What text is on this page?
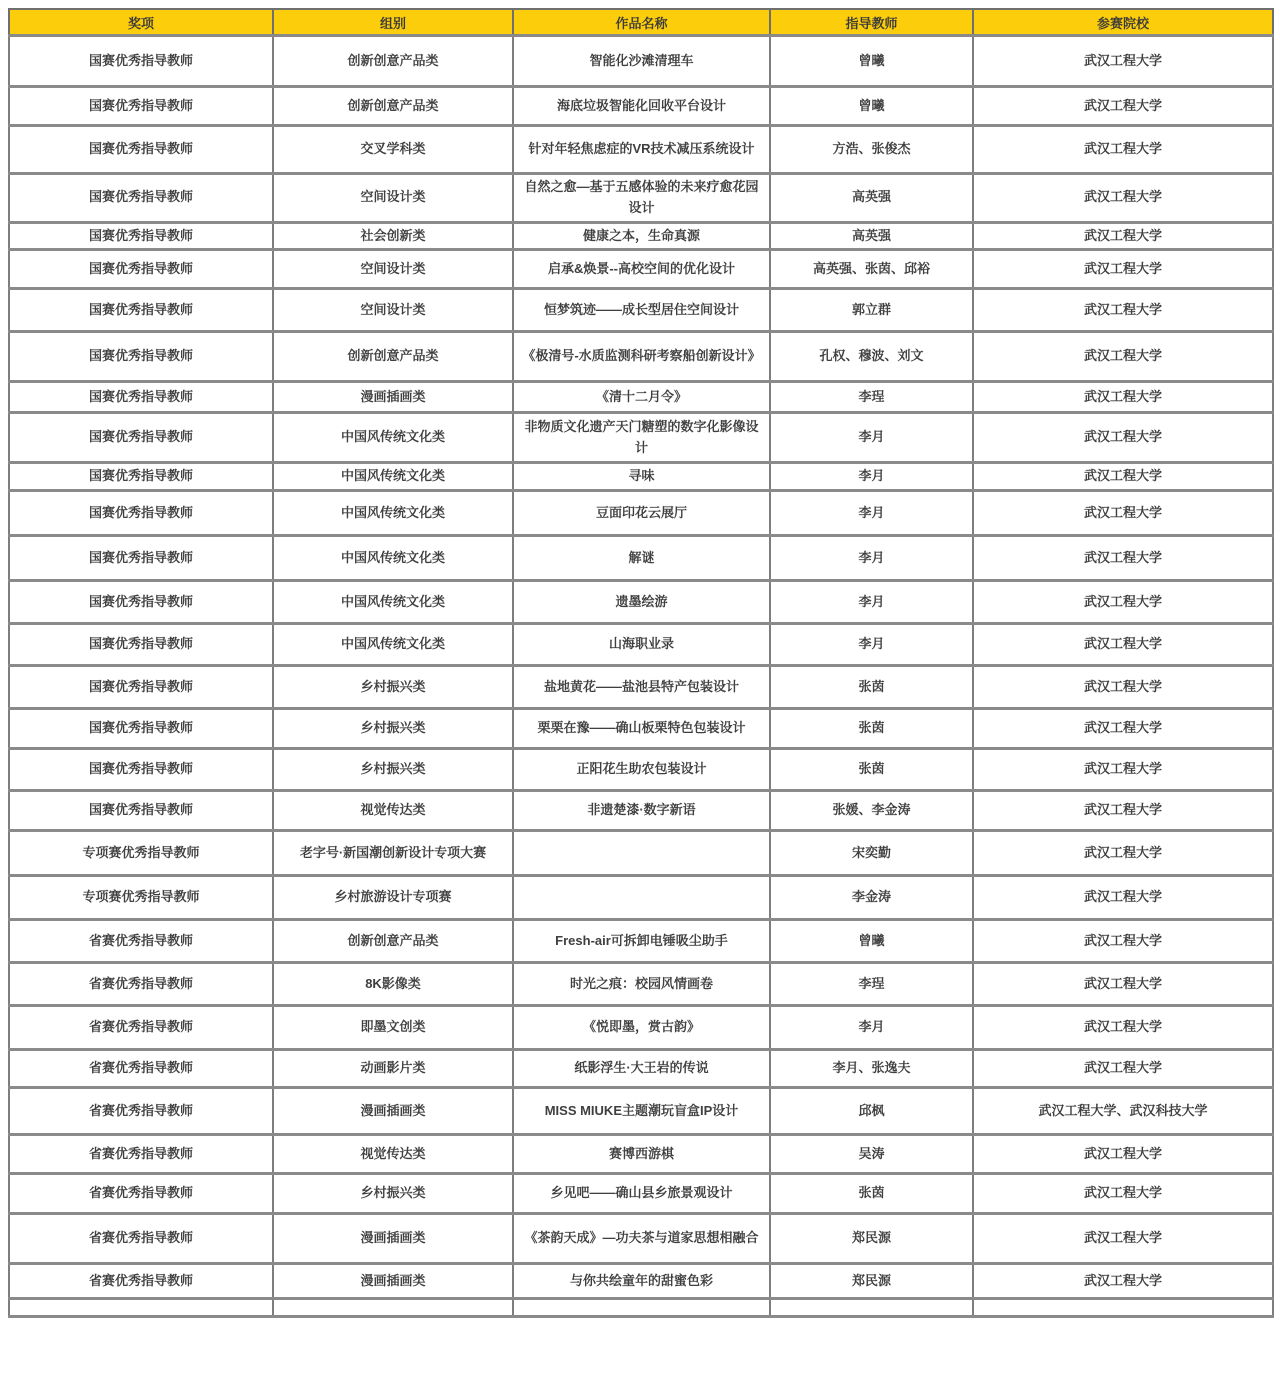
奖项	组别	作品名称	指导教师	参赛院校
国赛优秀指导教师	创新创意产品类	智能化沙滩清理车	曾曦	武汉工程大学
国赛优秀指导教师	创新创意产品类	海底垃圾智能化回收平台设计	曾曦	武汉工程大学
国赛优秀指导教师	交叉学科类	针对年轻焦虑症的VR技术减压系统设计	方浩、张俊杰	武汉工程大学
国赛优秀指导教师	空间设计类	自然之愈—基于五感体验的未来疗愈花园设计	高英强	武汉工程大学
国赛优秀指导教师	社会创新类	健康之本，生命真源	高英强	武汉工程大学
国赛优秀指导教师	空间设计类	启承&焕景--高校空间的优化设计	高英强、张茵、邱裕	武汉工程大学
国赛优秀指导教师	空间设计类	恒梦筑迹——成长型居住空间设计	郭立群	武汉工程大学
国赛优秀指导教师	创新创意产品类	《极清号-水质监测科研考察船创新设计》	孔权、穆波、刘文	武汉工程大学
国赛优秀指导教师	漫画插画类	《清十二月令》	李珵	武汉工程大学
国赛优秀指导教师	中国风传统文化类	非物质文化遗产天门糖塑的数字化影像设计	李月	武汉工程大学
国赛优秀指导教师	中国风传统文化类	寻味	李月	武汉工程大学
国赛优秀指导教师	中国风传统文化类	豆面印花云展厅	李月	武汉工程大学
国赛优秀指导教师	中国风传统文化类	解谜	李月	武汉工程大学
国赛优秀指导教师	中国风传统文化类	遗墨绘游	李月	武汉工程大学
国赛优秀指导教师	中国风传统文化类	山海职业录	李月	武汉工程大学
国赛优秀指导教师	乡村振兴类	盐地黄花——盐池县特产包装设计	张茵	武汉工程大学
国赛优秀指导教师	乡村振兴类	栗栗在豫——确山板栗特色包装设计	张茵	武汉工程大学
国赛优秀指导教师	乡村振兴类	正阳花生助农包装设计	张茵	武汉工程大学
国赛优秀指导教师	视觉传达类	非遗楚漆·数字新语	张媛、李金涛	武汉工程大学
专项赛优秀指导教师	老字号·新国潮创新设计专项大赛		宋奕勤	武汉工程大学
专项赛优秀指导教师	乡村旅游设计专项赛		李金涛	武汉工程大学
省赛优秀指导教师	创新创意产品类	Fresh-air可拆卸电锤吸尘助手	曾曦	武汉工程大学
省赛优秀指导教师	8K影像类	时光之痕：校园风情画卷	李珵	武汉工程大学
省赛优秀指导教师	即墨文创类	《悦即墨，赏古韵》	李月	武汉工程大学
省赛优秀指导教师	动画影片类	纸影浮生·大王岩的传说	李月、张逸夫	武汉工程大学
省赛优秀指导教师	漫画插画类	MISS MIUKE主题潮玩盲盒IP设计	邱枫	武汉工程大学、武汉科技大学
省赛优秀指导教师	视觉传达类	赛博西游棋	吴涛	武汉工程大学
省赛优秀指导教师	乡村振兴类	乡见吧——确山县乡旅景观设计	张茵	武汉工程大学
省赛优秀指导教师	漫画插画类	《茶韵天成》—功夫茶与道家思想相融合	郑民源	武汉工程大学
省赛优秀指导教师	漫画插画类	与你共绘童年的甜蜜色彩	郑民源	武汉工程大学
